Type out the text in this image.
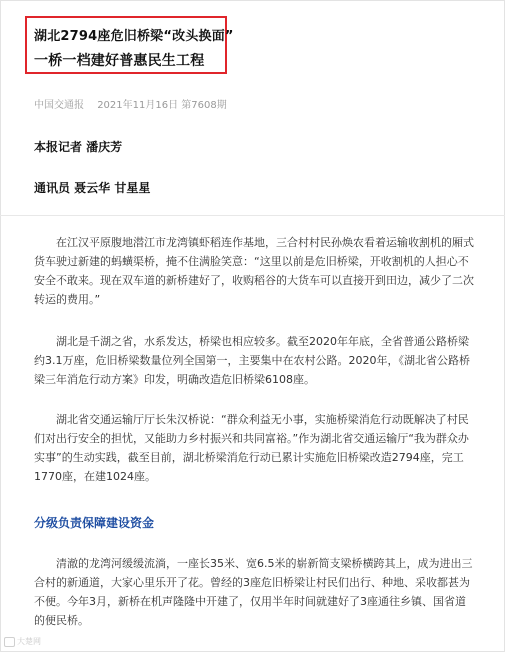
湖北2794座危旧桥梁“改头换面”
一桥一档建好普惠民生工程
中国交通报 2021年11月16日 第7608期
本报记者 潘庆芳
通讯员 聂云华 甘星星

在江汉平原腹地潜江市龙湾镇虾稻连作基地，三合村村民孙焕农看着运输收割机的厢式货车驶过新建的蚂蟥渠桥，掩不住满脸笑意：“这里以前是危旧桥梁，开收割机的人担心不安全不敢来。现在双车道的新桥建好了，收购稻谷的大货车可以直接开到田边，减少了二次转运的费用。”

湖北是千湖之省，水系发达，桥梁也相应较多。截至2020年年底，全省普通公路桥梁约3.1万座，危旧桥梁数量位列全国第一，主要集中在农村公路。2020年，《湖北省公路桥梁三年消危行动方案》印发，明确改造危旧桥梁6108座。

湖北省交通运输厅厅长朱汉桥说：“群众利益无小事，实施桥梁消危行动既解决了村民们对出行安全的担忧，又能助力乡村振兴和共同富裕。”作为湖北省交通运输厅“我为群众办实事”的生动实践，截至目前，湖北桥梁消危行动已累计实施危旧桥梁改造2794座，完工1770座，在建1024座。

分级负责保障建设资金

清澈的龙湾河缓缓流淌，一座长35米、宽6.5米的崭新简支梁桥横跨其上，成为进出三合村的新通道，大家心里乐开了花。曾经的3座危旧桥梁让村民们出行、种地、采收都甚为不便。今年3月，新桥在机声隆隆中开建了，仅用半年时间就建好了3座通往乡镇、国省道的便民桥。

大楚网
